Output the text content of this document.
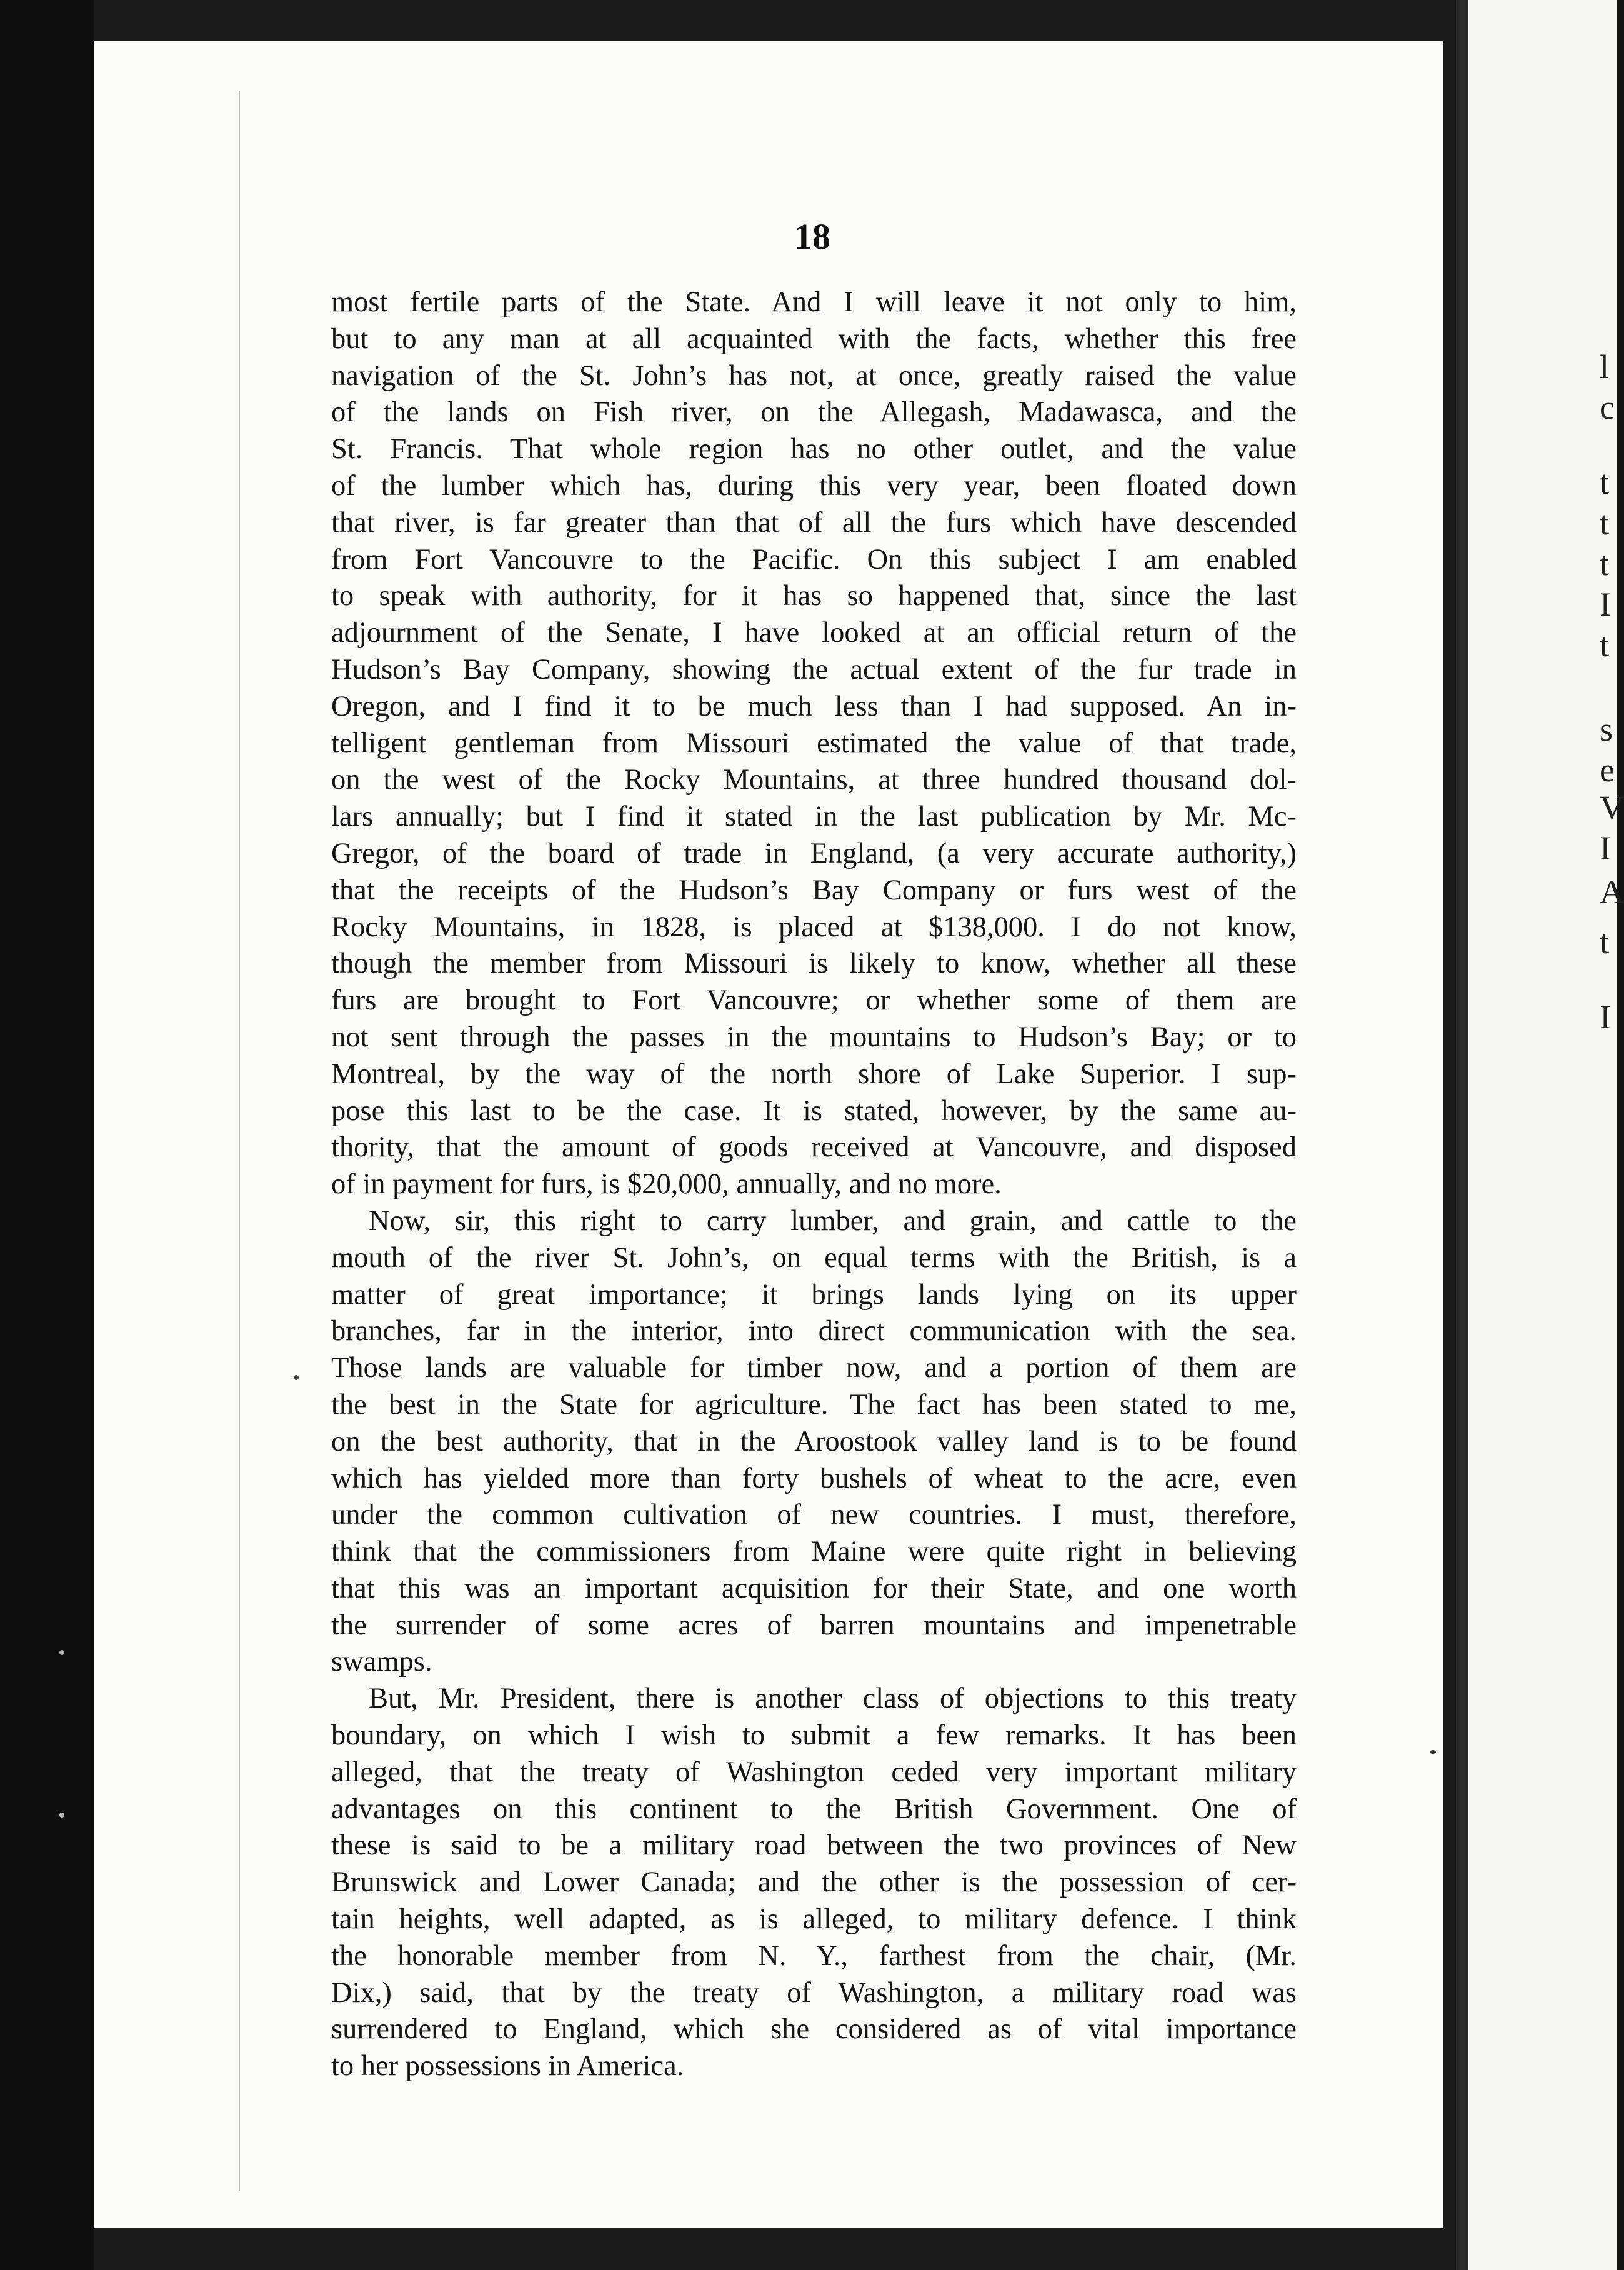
l
c
t
t
t
I
t
s
e
V
I
A
t
I
18

most fertile parts of the State. And I will leave it not only to him,
but to any man at all acquainted with the facts, whether this free
navigation of the St. John’s has not, at once, greatly raised the value
of the lands on Fish river, on the Allegash, Madawasca, and the
St. Francis. That whole region has no other outlet, and the value
of the lumber which has, during this very year, been floated down
that river, is far greater than that of all the furs which have descended
from Fort Vancouvre to the Pacific. On this subject I am enabled
to speak with authority, for it has so happened that, since the last
adjournment of the Senate, I have looked at an official return of the
Hudson’s Bay Company, showing the actual extent of the fur trade in
Oregon, and I find it to be much less than I had supposed. An in-
telligent gentleman from Missouri estimated the value of that trade,
on the west of the Rocky Mountains, at three hundred thousand dol-
lars annually; but I find it stated in the last publication by Mr. Mc-
Gregor, of the board of trade in England, (a very accurate authority,)
that the receipts of the Hudson’s Bay Company or furs west of the
Rocky Mountains, in 1828, is placed at $138,000. I do not know,
though the member from Missouri is likely to know, whether all these
furs are brought to Fort Vancouvre; or whether some of them are
not sent through the passes in the mountains to Hudson’s Bay; or to
Montreal, by the way of the north shore of Lake Superior. I sup-
pose this last to be the case. It is stated, however, by the same au-
thority, that the amount of goods received at Vancouvre, and disposed
of in payment for furs, is $20,000, annually, and no more.

Now, sir, this right to carry lumber, and grain, and cattle to the
mouth of the river St. John’s, on equal terms with the British, is a
matter of great importance; it brings lands lying on its upper
branches, far in the interior, into direct communication with the sea.
Those lands are valuable for timber now, and a portion of them are
the best in the State for agriculture. The fact has been stated to me,
on the best authority, that in the Aroostook valley land is to be found
which has yielded more than forty bushels of wheat to the acre, even
under the common cultivation of new countries. I must, therefore,
think that the commissioners from Maine were quite right in believing
that this was an important acquisition for their State, and one worth
the surrender of some acres of barren mountains and impenetrable
swamps.

But, Mr. President, there is another class of objections to this treaty
boundary, on which I wish to submit a few remarks. It has been
alleged, that the treaty of Washington ceded very important military
advantages on this continent to the British Government. One of
these is said to be a military road between the two provinces of New
Brunswick and Lower Canada; and the other is the possession of cer-
tain heights, well adapted, as is alleged, to military defence. I think
the honorable member from N. Y., farthest from the chair, (Mr.
Dix,) said, that by the treaty of Washington, a military road was
surrendered to England, which she considered as of vital importance
to her possessions in America.
